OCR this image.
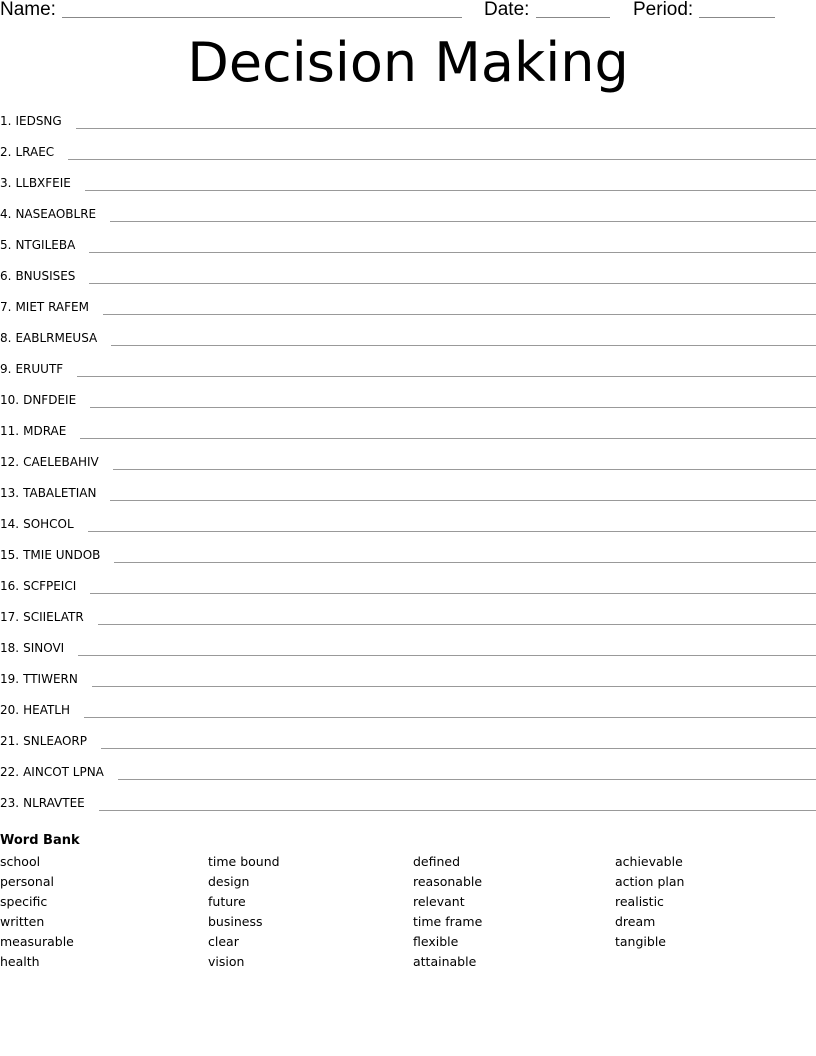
Name:	Date:	Period:
Decision Making
1. IEDSNG
2. LRAEC
3. LLBXFEIE
4. NASEAOBLRE
5. NTGILEBA
6. BNUSISES
7. MIET RAFEM
8. EABLRMEUSA
9. ERUUTF
10. DNFDEIE
11. MDRAE
12. CAELEBAHIV
13. TABALETIAN
14. SOHCOL
15. TMIE UNDOB
16. SCFPEICI
17. SCIIELATR
18. SINOVI
19. TTIWERN
20. HEATLH
21. SNLEAORP
22. AINCOT LPNA
23. NLRAVTEE
Word Bank
school
personal
specific
written
measurable
health
time bound
design
future
business
clear
vision
defined
reasonable
relevant
time frame
flexible
attainable
achievable
action plan
realistic
dream
tangible
